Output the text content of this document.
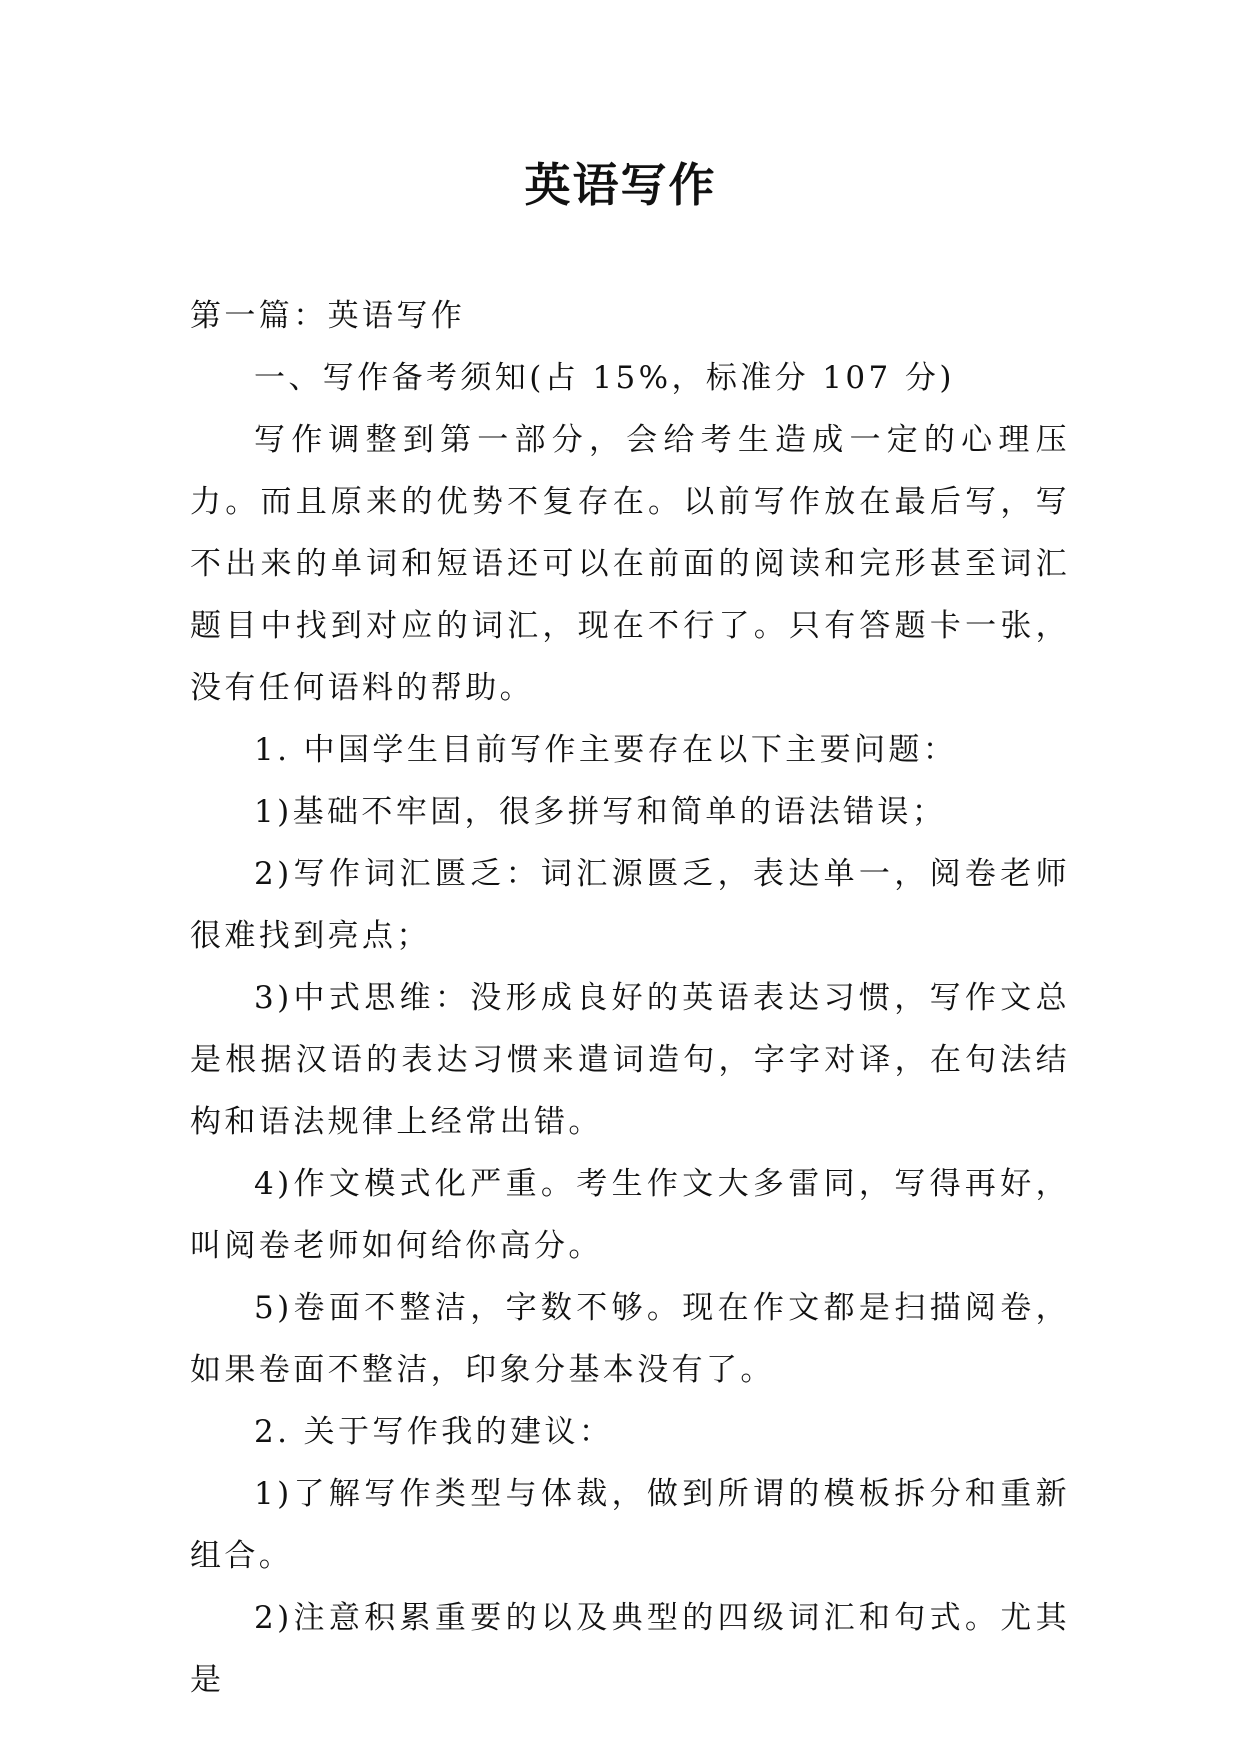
英语写作

第一篇：英语写作

一、写作备考须知(占 15%，标准分 107 分)

写作调整到第一部分，会给考生造成一定的心理压力。而且原来的优势不复存在。以前写作放在最后写，写不出来的单词和短语还可以在前面的阅读和完形甚至词汇题目中找到对应的词汇，现在不行了。只有答题卡一张，没有任何语料的帮助。

1. 中国学生目前写作主要存在以下主要问题：

1)基础不牢固，很多拼写和简单的语法错误；

2)写作词汇匮乏：词汇源匮乏，表达单一，阅卷老师很难找到亮点；

3)中式思维：没形成良好的英语表达习惯，写作文总是根据汉语的表达习惯来遣词造句，字字对译，在句法结构和语法规律上经常出错。

4)作文模式化严重。考生作文大多雷同，写得再好，叫阅卷老师如何给你高分。

5)卷面不整洁，字数不够。现在作文都是扫描阅卷，如果卷面不整洁，印象分基本没有了。

2. 关于写作我的建议：

1)了解写作类型与体裁，做到所谓的模板拆分和重新组合。

2)注意积累重要的以及典型的四级词汇和句式。尤其是
